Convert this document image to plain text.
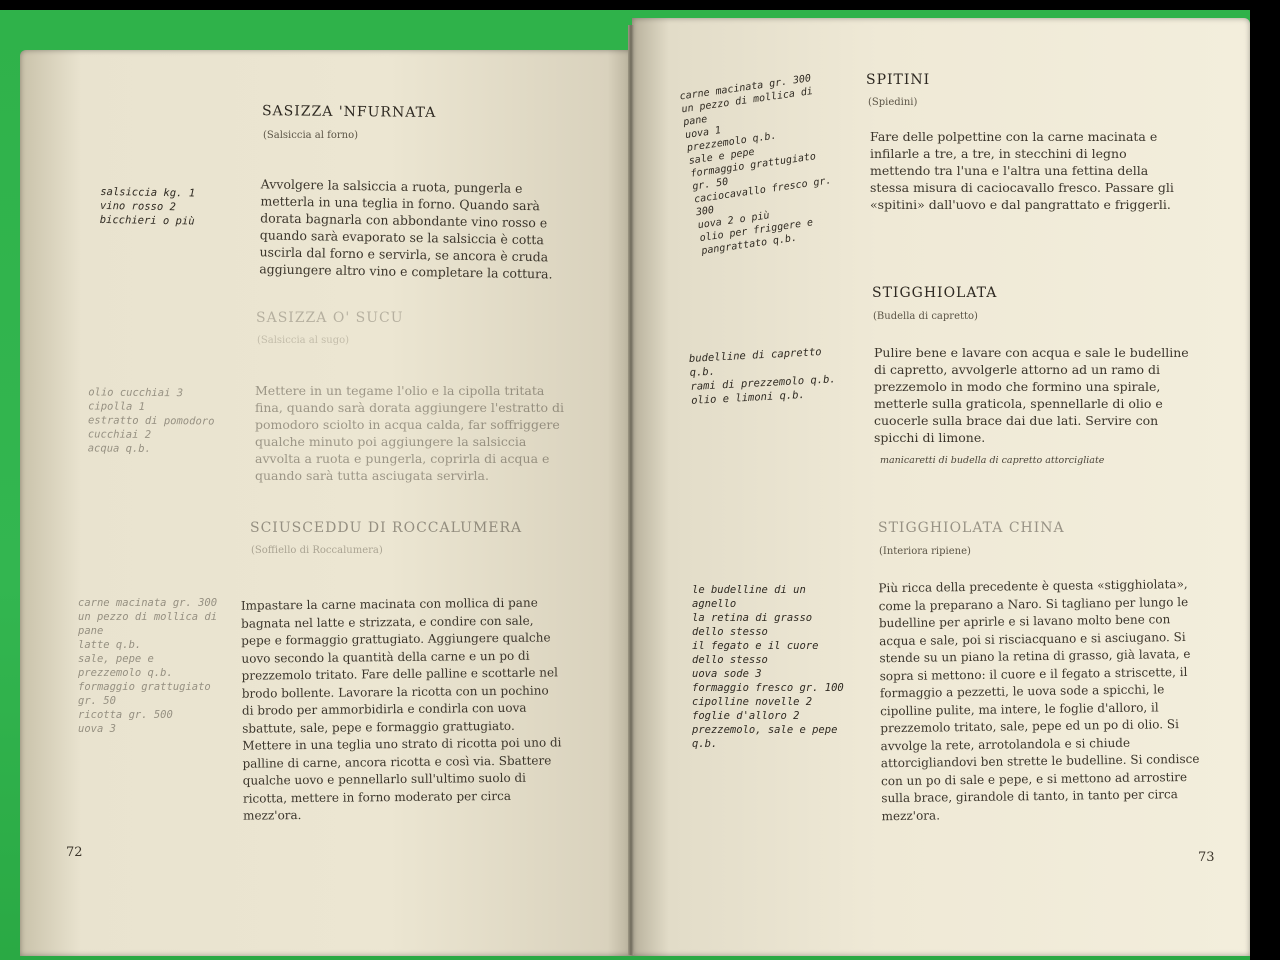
SASIZZA 'NFURNATA
(Salsiccia al forno)
salsiccia kg. 1
vino rosso 2 bicchieri o più
Avvolgere la salsiccia a ruota, pungerla e metterla in una teglia in forno. Quando sarà dorata bagnarla con abbondante vino rosso e quando sarà evaporato se la salsiccia è cotta uscirla dal forno e servirla, se ancora è cruda aggiungere altro vino e completare la cottura.
SASIZZA O' SUCU
(Salsiccia al sugo)
olio cucchiai 3
cipolla 1
estratto di pomodoro cucchiai 2
acqua q.b.
Mettere in un tegame l'olio e la cipolla tritata fina, quando sarà dorata aggiungere l'estratto di pomodoro sciolto in acqua calda, far soffriggere qualche minuto poi aggiungere la salsiccia avvolta a ruota e pungerla, coprirla di acqua e quando sarà tutta asciugata servirla.
SCIUSCEDDU DI ROCCALUMERA
(Soffiello di Roccalumera)
carne macinata gr. 300
un pezzo di mollica di pane
latte q.b.
sale, pepe e prezzemolo q.b.
formaggio grattugiato gr. 50
ricotta gr. 500
uova 3
Impastare la carne macinata con mollica di pane bagnata nel latte e strizzata, e condire con sale, pepe e formaggio grattugiato. Aggiungere qualche uovo secondo la quantità della carne e un po di prezzemolo tritato. Fare delle palline e scottarle nel brodo bollente. Lavorare la ricotta con un pochino di brodo per ammorbidirla e condirla con uova sbattute, sale, pepe e formaggio grattugiato. Mettere in una teglia uno strato di ricotta poi uno di palline di carne, ancora ricotta e così via. Sbattere qualche uovo e pennellarlo sull'ultimo suolo di ricotta, mettere in forno moderato per circa mezz'ora.
72
SPITINI
(Spiedini)
carne macinata gr. 300
un pezzo di mollica di pane
uova 1
prezzemolo q.b.
sale e pepe
formaggio grattugiato gr. 50
caciocavallo fresco gr. 300
uova 2 o più
olio per friggere e pangrattato q.b.
Fare delle polpettine con la carne macinata e infilarle a tre, a tre, in stecchini di legno mettendo tra l'una e l'altra una fettina della stessa misura di caciocavallo fresco. Passare gli «spitini» dall'uovo e dal pangrattato e friggerli.
STIGGHIOLATA
(Budella di capretto)
budelline di capretto q.b.
rami di prezzemolo q.b.
olio e limoni q.b.
Pulire bene e lavare con acqua e sale le budelline di capretto, avvolgerle attorno ad un ramo di prezzemolo in modo che formino una spirale, metterle sulla graticola, spennellarle di olio e cuocerle sulla brace dai due lati. Servire con spicchi di limone.
manicaretti di budella di capretto attorcigliate
STIGGHIOLATA CHINA
(Interiora ripiene)
le budelline di un agnello
la retina di grasso dello stesso
il fegato e il cuore dello stesso
uova sode 3
formaggio fresco gr. 100
cipolline novelle 2
foglie d'alloro 2
prezzemolo, sale e pepe q.b.
Più ricca della precedente è questa «stigghiolata», come la preparano a Naro. Si tagliano per lungo le budelline per aprirle e si lavano molto bene con acqua e sale, poi si risciacquano e si asciugano. Si stende su un piano la retina di grasso, già lavata, e sopra si mettono: il cuore e il fegato a striscette, il formaggio a pezzetti, le uova sode a spicchi, le cipolline pulite, ma intere, le foglie d'alloro, il prezzemolo tritato, sale, pepe ed un po di olio. Si avvolge la rete, arrotolandola e si chiude attorcigliandovi ben strette le budelline. Si condisce con un po di sale e pepe, e si mettono ad arrostire sulla brace, girandole di tanto, in tanto per circa mezz'ora.
73
